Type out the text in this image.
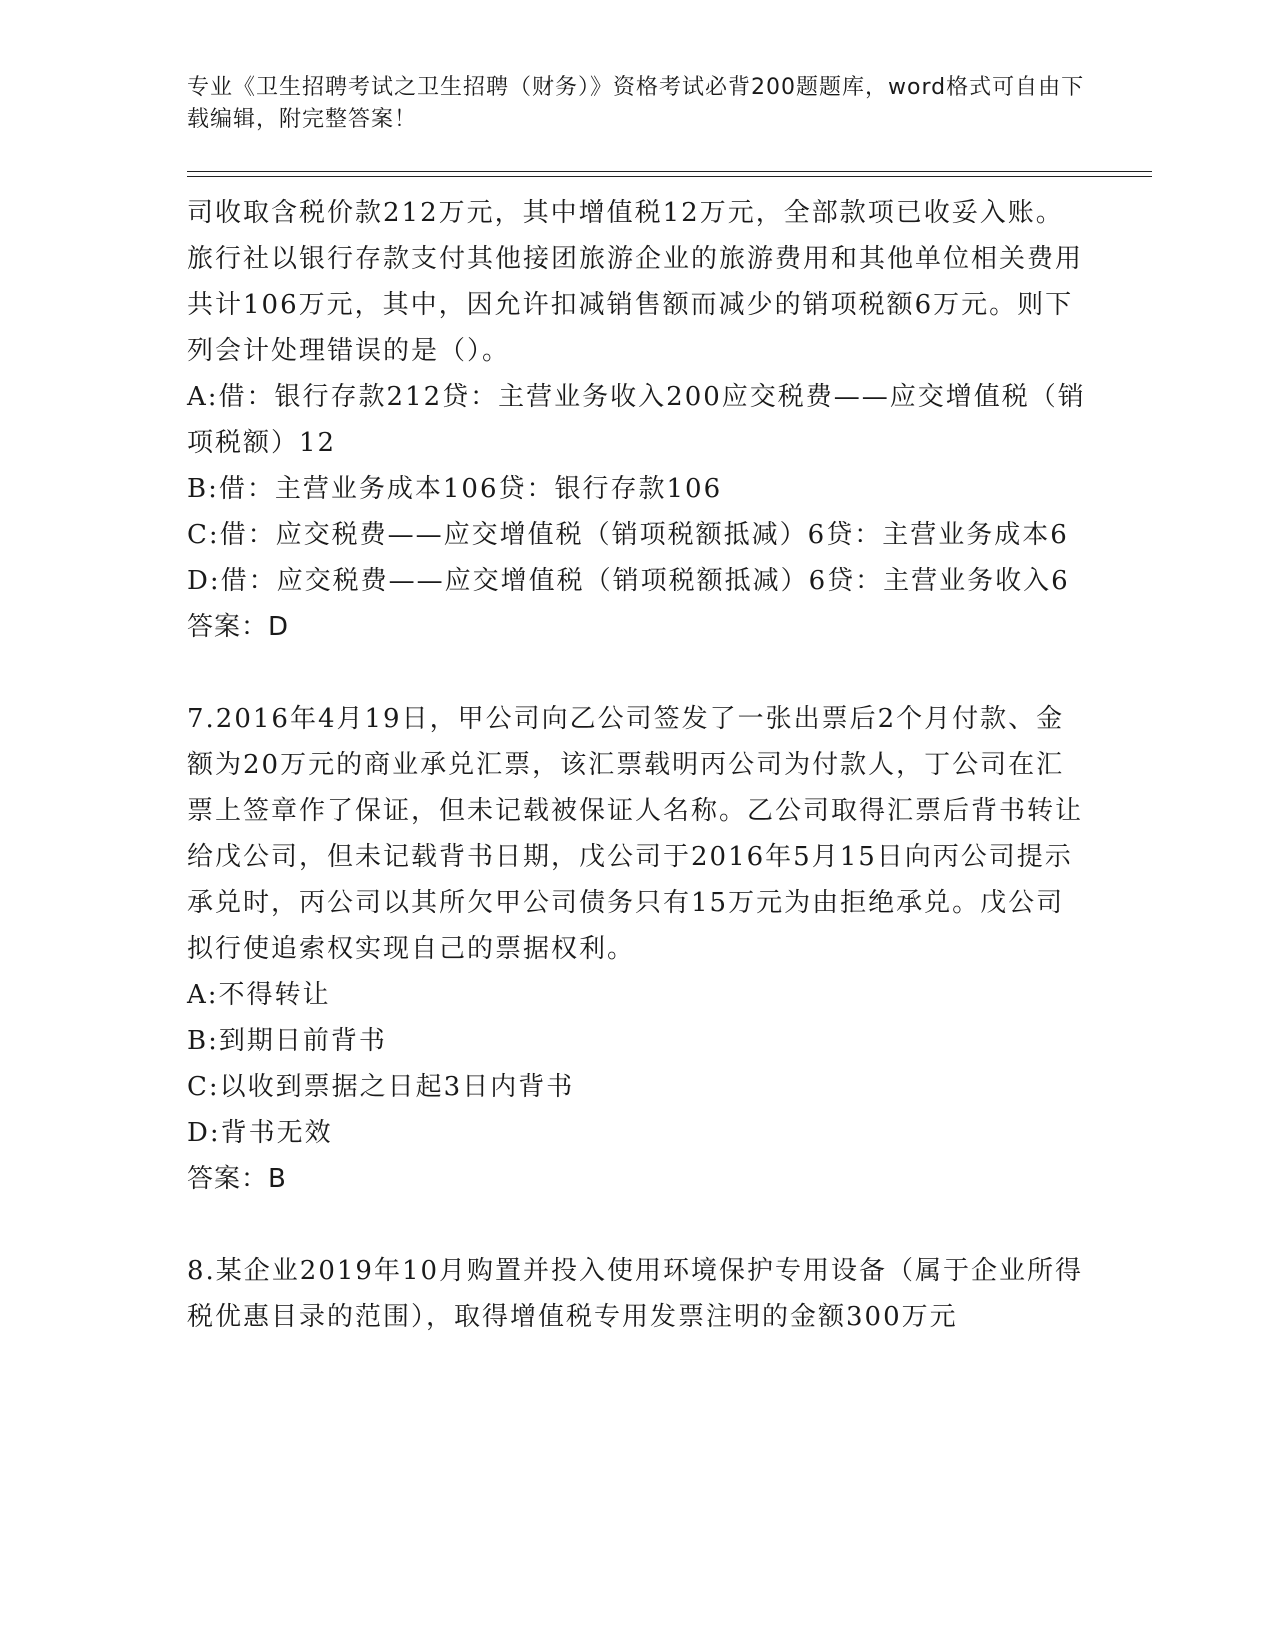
专业《卫生招聘考试之卫生招聘（财务）》资格考试必背200题题库，word格式可自由下载编辑，附完整答案！

司收取含税价款212万元，其中增值税12万元，全部款项已收妥入账。旅行社以银行存款支付其他接团旅游企业的旅游费用和其他单位相关费用共计106万元，其中，因允许扣减销售额而减少的销项税额6万元。则下列会计处理错误的是（）。

A:借：银行存款212贷：主营业务收入200应交税费——应交增值税（销项税额）12

B:借：主营业务成本106贷：银行存款106

C:借：应交税费——应交增值税（销项税额抵减）6贷：主营业务成本6

D:借：应交税费——应交增值税（销项税额抵减）6贷：主营业务收入6

答案：D

7.2016年4月19日，甲公司向乙公司签发了一张出票后2个月付款、金额为20万元的商业承兑汇票，该汇票载明丙公司为付款人，丁公司在汇票上签章作了保证，但未记载被保证人名称。乙公司取得汇票后背书转让给戊公司，但未记载背书日期，戊公司于2016年5月15日向丙公司提示承兑时，丙公司以其所欠甲公司债务只有15万元为由拒绝承兑。戊公司拟行使追索权实现自己的票据权利。

A:不得转让

B:到期日前背书

C:以收到票据之日起3日内背书

D:背书无效

答案：B

8.某企业2019年10月购置并投入使用环境保护专用设备（属于企业所得税优惠目录的范围），取得增值税专用发票注明的金额300万元
